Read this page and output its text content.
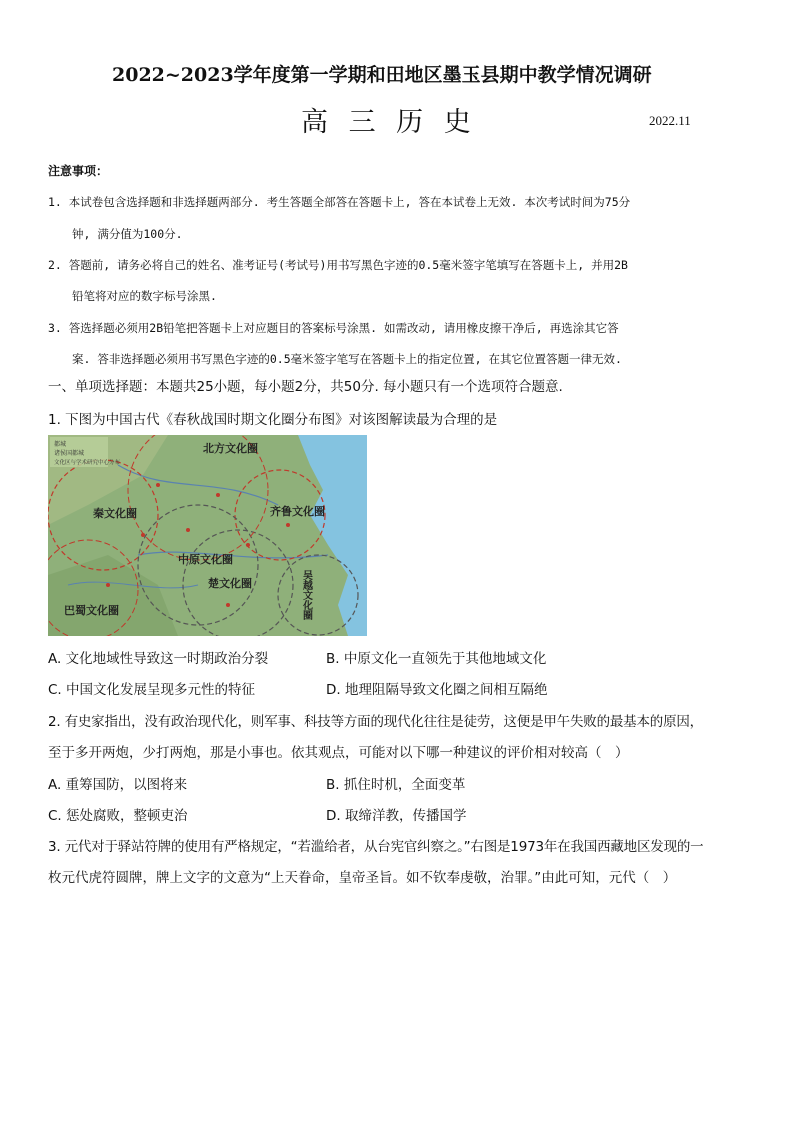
2022~2023学年度第一学期和田地区墨玉县期中教学情况调研
高 三 历 史	2022.11
注意事项：
1. 本试卷包含选择题和非选择题两部分. 考生答题全部答在答题卡上, 答在本试卷上无效. 本次考试时间为75分
钟, 满分值为100分.
2. 答题前, 请务必将自己的姓名、准考证号(考试号)用书写黑色字迹的0.5毫米签字笔填写在答题卡上, 并用2B
铅笔将对应的数字标号涂黑.
3. 答选择题必须用2B铅笔把答题卡上对应题目的答案标号涂黑. 如需改动, 请用橡皮擦干净后, 再选涂其它答
案. 答非选择题必须用书写黑色字迹的0.5毫米签字笔写在答题卡上的指定位置, 在其它位置答题一律无效.
一、单项选择题：本题共25小题，每小题2分，共50分. 每小题只有一个选项符合题意.
1. 下图为中国古代《春秋战国时期文化圈分布图》对该图解读最为合理的是
都城
诸侯国都城
文化区与学术研究中心分布
北方文化圈
秦文化圈	齐鲁文化圈
中原文化圈
楚文化圈
巴蜀文化圈	吴越文化圈
A. 文化地域性导致这一时期政治分裂	B. 中原文化一直领先于其他地域文化
C. 中国文化发展呈现多元性的特征	D. 地理阻隔导致文化圈之间相互隔绝
2. 有史家指出，没有政治现代化，则军事、科技等方面的现代化往往是徒劳，这便是甲午失败的最基本的原因，
至于多开两炮，少打两炮，那是小事也。依其观点，可能对以下哪一种建议的评价相对较高（　）
A. 重筹国防，以图将来	B. 抓住时机，全面变革
C. 惩处腐败，整顿吏治	D. 取缔洋教，传播国学
3. 元代对于驿站符牌的使用有严格规定，“若滥给者，从台宪官纠察之。”右图是1973年在我国西藏地区发现的一
枚元代虎符圆牌，牌上文字的文意为“上天眷命，皇帝圣旨。如不钦奉虔敬，治罪。”由此可知，元代（　）
